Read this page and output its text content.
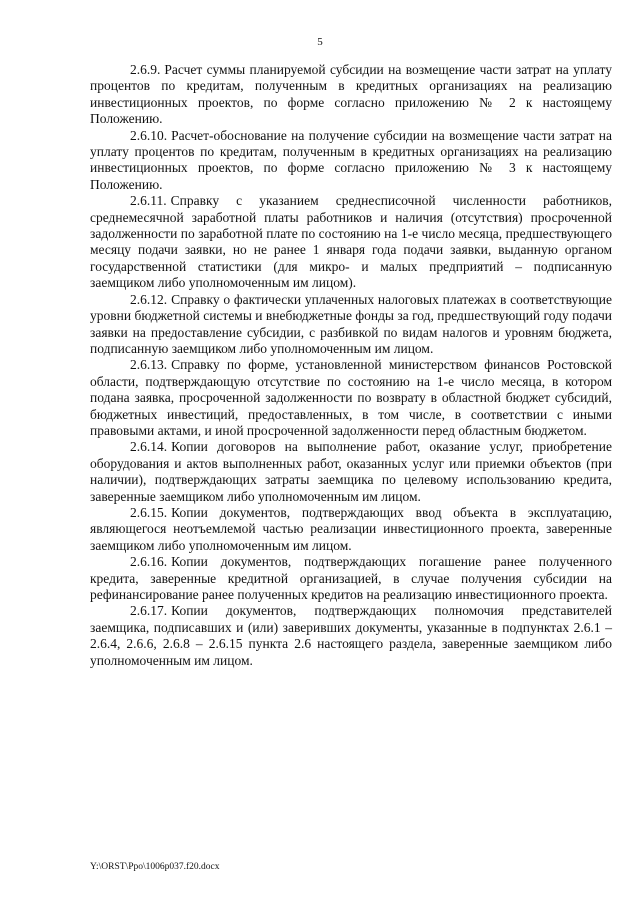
5

2.6.9. Расчет суммы планируемой субсидии на возмещение части затрат на уплату процентов по кредитам, полученным в кредитных организациях на реализацию инвестиционных проектов, по форме согласно приложению № 2 к настоящему Положению.

2.6.10. Расчет-обоснование на получение субсидии на возмещение части затрат на уплату процентов по кредитам, полученным в кредитных организациях на реализацию инвестиционных проектов, по форме согласно приложению № 3 к настоящему Положению.

2.6.11. Справку с указанием среднесписочной численности работников, среднемесячной заработной платы работников и наличия (отсутствия) просроченной задолженности по заработной плате по состоянию на 1-е число месяца, предшествующего месяцу подачи заявки, но не ранее 1 января года подачи заявки, выданную органом государственной статистики (для микро- и малых предприятий – подписанную заемщиком либо уполномоченным им лицом).

2.6.12. Справку о фактически уплаченных налоговых платежах в соответствующие уровни бюджетной системы и внебюджетные фонды за год, предшествующий году подачи заявки на предоставление субсидии, с разбивкой по видам налогов и уровням бюджета, подписанную заемщиком либо уполномоченным им лицом.

2.6.13. Справку по форме, установленной министерством финансов Ростовской области, подтверждающую отсутствие по состоянию на 1-е число месяца, в котором подана заявка, просроченной задолженности по возврату в областной бюджет субсидий, бюджетных инвестиций, предоставленных, в том числе, в соответствии с иными правовыми актами, и иной просроченной задолженности перед областным бюджетом.

2.6.14. Копии договоров на выполнение работ, оказание услуг, приобретение оборудования и актов выполненных работ, оказанных услуг или приемки объектов (при наличии), подтверждающих затраты заемщика по целевому использованию кредита, заверенные заемщиком либо уполномоченным им лицом.

2.6.15. Копии документов, подтверждающих ввод объекта в эксплуатацию, являющегося неотъемлемой частью реализации инвестиционного проекта, заверенные заемщиком либо уполномоченным им лицом.

2.6.16. Копии документов, подтверждающих погашение ранее полученного кредита, заверенные кредитной организацией, в случае получения субсидии на рефинансирование ранее полученных кредитов на реализацию инвестиционного проекта.

2.6.17. Копии документов, подтверждающих полномочия представителей заемщика, подписавших и (или) заверивших документы, указанные в подпунктах 2.6.1 – 2.6.4, 2.6.6, 2.6.8 – 2.6.15 пункта 2.6 настоящего раздела, заверенные заемщиком либо уполномоченным им лицом.

Y:\ORST\Ppo\1006p037.f20.docx
